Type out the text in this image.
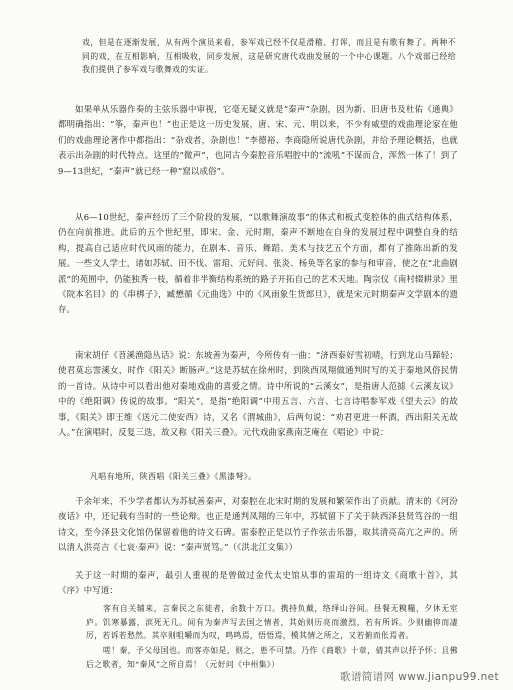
戏，但是在逐渐发展，从有两个演员来看，参军戏已经不仅是滑稽、打诨，而且是有歌有舞了。两种不同的戏，在互相影响，互相吸收，同步发展，这是研究唐代戏曲发展的一个中心课题。八个戏部已经给我们提供了参军戏与歌舞戏的实证。
如果单从乐器作奏的主弦乐器中审视，它毫无疑义就是“秦声”杂剧，因为新、旧唐书及杜佑《通典》都明确指出：“筝，秦声也！”也正是这一历史发展，唐、宋、元、明以来，不少有威望的戏曲理论家在他们的戏曲理论著作中都指出：“杂戏者，杂剧也！”李德裕、李商隐所说唐代杂剧，并给予理论概括，也就表示出杂剧的时代特点。这里的“微声”，也同古今秦腔音乐唱腔中的“流吼”不谋而合，浑然一体了！到了9—13世纪，“秦声”就已经一种“窟以成俗”。
从6—10世纪，秦声经历了三个阶段的发展，“以歌舞演故事”的体式和板式变腔体的曲式结构体系，仍在向前推进。此后的五个世纪里，即宋、金、元时期，秦声不断地在自身的发展过程中调整自身的结构，提高自己适应时代风雨的能力，在剧本、音乐、舞蹈、美术与技艺五个方面，都有了推陈出新的发展。一些文人学士，诸如苏轼、田不伐、雷琯、元好问、张炎、杨奂等名家的参与和审音，使之在“北曲剧派”的苑囿中，仍能独秀一枝，循着非半衡结构系统的路子开拓自己的艺术天地。陶宗仪《南村辍耕录》里《院本名目》的《串梆子》，臧懋循《元曲选》中的《风雨象生货郎旦》，就是宋元时期秦声文学剧本的遗存。
南宋胡仔《苕溪渔隐丛话》说：东坡善为秦声，今所传有一曲：“济西泰好雪初晴，行到龙山马蹄轻；使君莫忘霅溪女，时作《阳关》断肠声。”这是苏轼在徐州时，到陕西凤翔做通判时写的关于秦地风俗民情的一首诗。从诗中可以看出他对秦地戏曲的喜爱之情。诗中所说的“云溪女”，是指唐人范摅《云溪友议》中的《绝阳调》传说的故事。“阳关”，是指“绝阳调”中用五言、六言、七言诗唱参军戏《望夫云》的故事，《阳关》即王维《送元二使安西》诗，又名《渭城曲》，后两句说：“劝君更进一杯酒，西出阳关无故人。”在演唱时，反复三迭，故又称《阳关三叠》。元代戏曲家燕南芝庵在《唱论》中说：
凡唱有地所，陕西唱《阳关三叠》《黑漆弩》。
千余年来，不少学者都认为苏轼善秦声，对秦腔在北宋时期的发展和繁荣作出了贡献。清末的《河汾夜话》中，还记载有当时的一些论辩。也正是通判凤翔的三年中，苏轼留下了关于陕西泽县贤笃谷的一组诗文，至今泽县文化馆仍保留着他的诗文石碑。雷泰腔正是以竹子作弦击乐器，取其清亮高亢之声的。所以清人洪亮吉《七哀·秦声》说：“秦声贤笃。”（《洪北江文集》）
关于这一时期的秦声，最引人重视的是曾做过金代太史馆从事的雷琯的一组诗文《商歌十首》，其《序》中写道：
客有自关辅来，言秦民之东徙者，余数十万口。携持负戴，络绎山谷间。昼餐无糗糧，夕休无室庐。饥寒暴露，滨死无几。间有为秦声写去国之情者，其始则历亮而激烈，若有所诉。少则幽抑而凄厉，若诉若愁然。其卒则咀嚼而为叹，鸣鸣焉，悟悟焉，模其情之所之，又若俯而伥焉者。
嗟！秦，予父母国也。而客亦如是，则之，患不可禁。乃作《商歌》十章，倩其声以抒予怀；且佛后之歌者，知“秦风”之所自焉！（元好问《中州集》）
歌谱简谱网 www.jianpu99.net
